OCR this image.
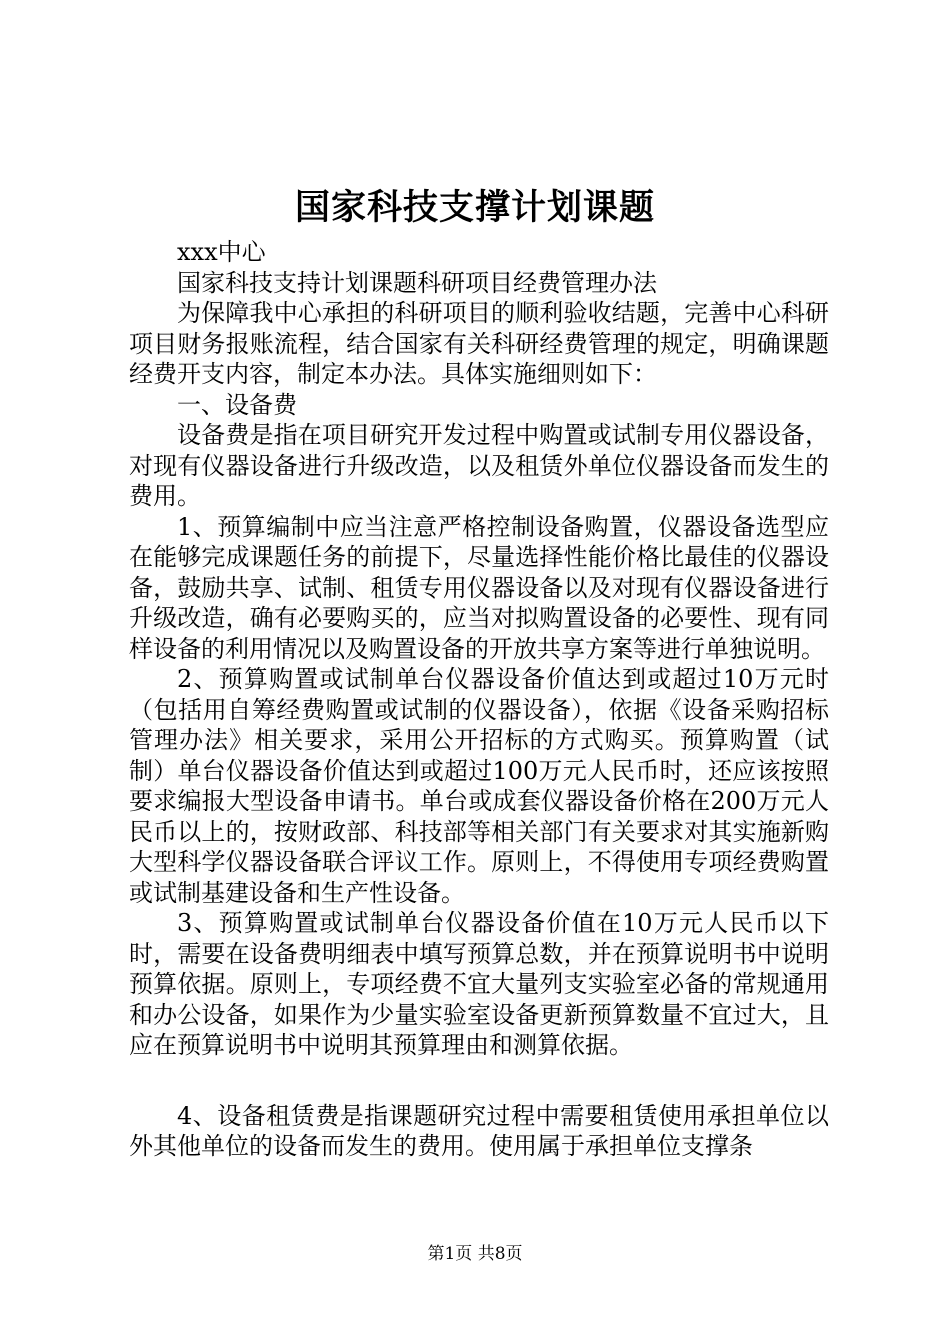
国家科技支撑计划课题

xxx中心

国家科技支持计划课题科研项目经费管理办法

为保障我中心承担的科研项目的顺利验收结题，完善中心科研项目财务报账流程，结合国家有关科研经费管理的规定，明确课题经费开支内容，制定本办法。具体实施细则如下：

一、设备费

设备费是指在项目研究开发过程中购置或试制专用仪器设备，对现有仪器设备进行升级改造，以及租赁外单位仪器设备而发生的费用。

1、预算编制中应当注意严格控制设备购置，仪器设备选型应在能够完成课题任务的前提下，尽量选择性能价格比最佳的仪器设备，鼓励共享、试制、租赁专用仪器设备以及对现有仪器设备进行升级改造，确有必要购买的，应当对拟购置设备的必要性、现有同样设备的利用情况以及购置设备的开放共享方案等进行单独说明。

2、预算购置或试制单台仪器设备价值达到或超过10万元时（包括用自筹经费购置或试制的仪器设备），依据《设备采购招标管理办法》相关要求，采用公开招标的方式购买。预算购置（试制）单台仪器设备价值达到或超过100万元人民币时，还应该按照要求编报大型设备申请书。单台或成套仪器设备价格在200万元人民币以上的，按财政部、科技部等相关部门有关要求对其实施新购大型科学仪器设备联合评议工作。原则上，不得使用专项经费购置或试制基建设备和生产性设备。

3、预算购置或试制单台仪器设备价值在10万元人民币以下时，需要在设备费明细表中填写预算总数，并在预算说明书中说明预算依据。原则上，专项经费不宜大量列支实验室必备的常规通用和办公设备，如果作为少量实验室设备更新预算数量不宜过大，且应在预算说明书中说明其预算理由和测算依据。

4、设备租赁费是指课题研究过程中需要租赁使用承担单位以外其他单位的设备而发生的费用。使用属于承担单位支撑条

第1页 共8页
